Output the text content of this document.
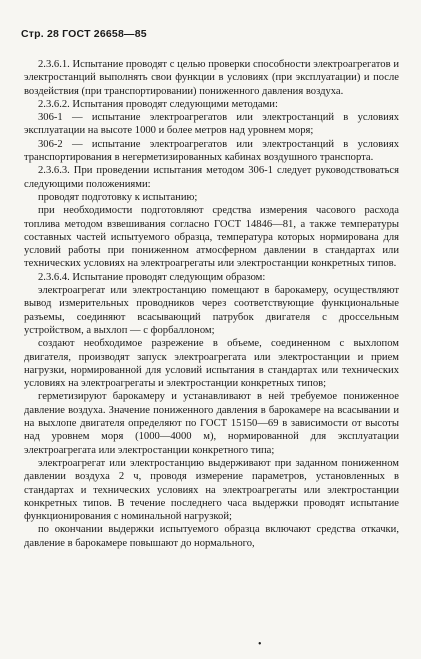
Стр. 28 ГОСТ 26658—85

2.3.6.1. Испытание проводят с целью проверки способности электроагрегатов и электростанций выполнять свои функции в условиях (при эксплуатации) и после воздействия (при транспортировании) пониженного давления воздуха.

2.3.6.2. Испытания проводят следующими методами:

306-1 — испытание электроагрегатов или электростанций в условиях эксплуатации на высоте 1000 и более метров над уровнем моря;

306-2 — испытание электроагрегатов или электростанций в условиях транспортирования в негерметизированных кабинах воздушного транспорта.

2.3.6.3. При проведении испытания методом 306-1 следует руководствоваться следующими положениями:

проводят подготовку к испытанию;

при необходимости подготовляют средства измерения часового расхода топлива методом взвешивания согласно ГОСТ 14846—81, а также температуры составных частей испытуемого образца, температура которых нормирована для условий работы при пониженном атмосферном давлении в стандартах или технических условиях на электроагрегаты или электростанции конкретных типов.

2.3.6.4. Испытание проводят следующим образом:

электроагрегат или электростанцию помещают в барокамеру, осуществляют вывод измерительных проводников через соответствующие функциональные разъемы, соединяют всасывающий патрубок двигателя с дроссельным устройством, а выхлоп — с форбаллоном;

создают необходимое разрежение в объеме, соединенном с выхлопом двигателя, производят запуск электроагрегата или электростанции и прием нагрузки, нормированной для условий испытания в стандартах или технических условиях на электроагрегаты и электростанции конкретных типов;

герметизируют барокамеру и устанавливают в ней требуемое пониженное давление воздуха. Значение пониженного давления в барокамере на всасывании и на выхлопе двигателя определяют по ГОСТ 15150—69 в зависимости от высоты над уровнем моря (1000—4000 м), нормированной для эксплуатации электроагрегата или электростанции конкретного типа;

электроагрегат или электростанцию выдерживают при заданном пониженном давлении воздуха 2 ч, проводя измерение параметров, установленных в стандартах и технических условиях на электроагрегаты или электростанции конкретных типов. В течение последнего часа выдержки проводят испытание функционирования с номинальной нагрузкой;

по окончании выдержки испытуемого образца включают средства откачки, давление в барокамере повышают до нормального,

•
